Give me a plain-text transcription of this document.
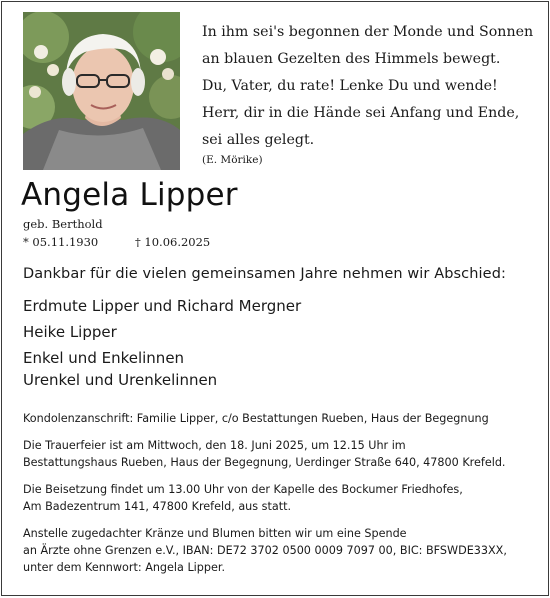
In ihm sei's begonnen der Monde und Sonnen
an blauen Gezelten des Himmels bewegt.
Du, Vater, du rate! Lenke Du und wende!
Herr, dir in die Hände sei Anfang und Ende,
sei alles gelegt.
(E. Mörike)
Angela Lipper
geb. Berthold
* 05.11.1930	† 10.06.2025
Dankbar für die vielen gemeinsamen Jahre nehmen wir Abschied:
Erdmute Lipper und Richard Mergner
Heike Lipper
Enkel und Enkelinnen
Urenkel und Urenkelinnen
Kondolenzanschrift: Familie Lipper, c/o Bestattungen Rueben, Haus der Begegnung
Die Trauerfeier ist am Mittwoch, den 18. Juni 2025, um 12.15 Uhr im
Bestattungshaus Rueben, Haus der Begegnung, Uerdinger Straße 640, 47800 Krefeld.
Die Beisetzung findet um 13.00 Uhr von der Kapelle des Bockumer Friedhofes,
Am Badezentrum 141, 47800 Krefeld, aus statt.
Anstelle zugedachter Kränze und Blumen bitten wir um eine Spende
an Ärzte ohne Grenzen e.V., IBAN: DE72 3702 0500 0009 7097 00, BIC: BFSWDE33XX,
unter dem Kennwort: Angela Lipper.
